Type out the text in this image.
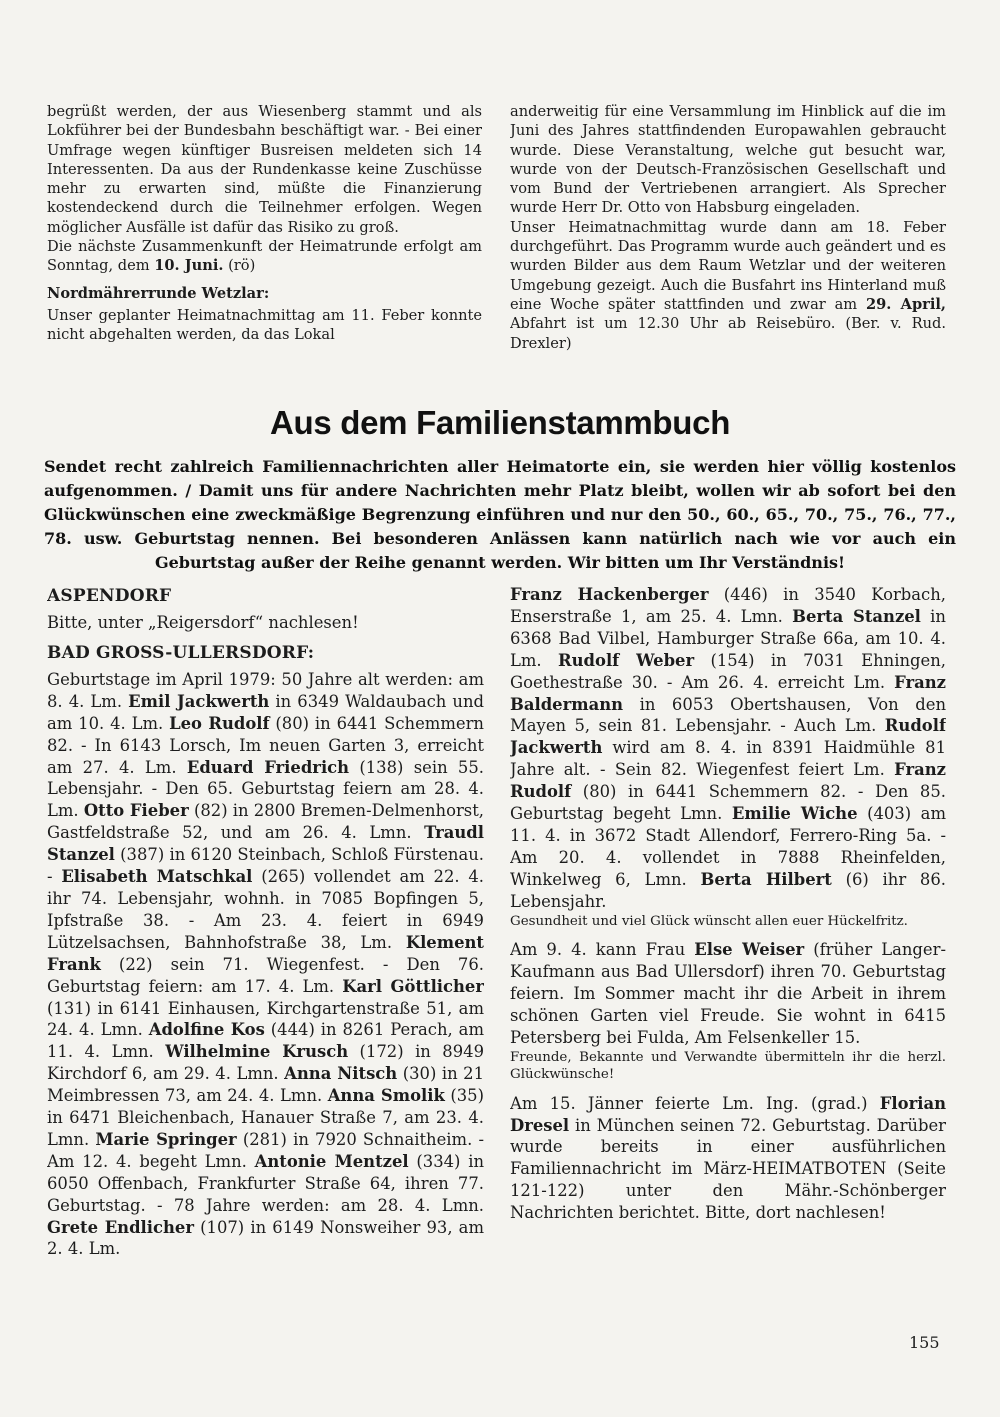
begrüßt werden, der aus Wiesenberg stammt und als Lokführer bei der Bundesbahn beschäftigt war. - Bei einer Umfrage wegen künftiger Busreisen meldeten sich 14 Interessenten. Da aus der Rundenkasse keine Zuschüsse mehr zu erwarten sind, müßte die Finanzierung kostendeckend durch die Teilnehmer erfolgen. Wegen möglicher Ausfälle ist dafür das Risiko zu groß.

Die nächste Zusammenkunft der Heimatrunde erfolgt am Sonntag, dem 10. Juni. (rö)

Nordmährerrunde Wetzlar:

Unser geplanter Heimatnachmittag am 11. Feber konnte nicht abgehalten werden, da das Lokal

anderweitig für eine Versammlung im Hinblick auf die im Juni des Jahres stattfindenden Europawahlen gebraucht wurde. Diese Veranstaltung, welche gut besucht war, wurde von der Deutsch-Französischen Gesellschaft und vom Bund der Vertriebenen arrangiert. Als Sprecher wurde Herr Dr. Otto von Habsburg eingeladen.

Unser Heimatnachmittag wurde dann am 18. Feber durchgeführt. Das Programm wurde auch geändert und es wurden Bilder aus dem Raum Wetzlar und der weiteren Umgebung gezeigt. Auch die Busfahrt ins Hinterland muß eine Woche später stattfinden und zwar am 29. April, Abfahrt ist um 12.30 Uhr ab Reisebüro. (Ber. v. Rud. Drexler)

Aus dem Familienstammbuch
Sendet recht zahlreich Familiennachrichten aller Heimatorte ein, sie werden hier völlig kostenlos aufgenommen. / Damit uns für andere Nachrichten mehr Platz bleibt, wollen wir ab sofort bei den Glückwünschen eine zweckmäßige Begrenzung einführen und nur den 50., 60., 65., 70., 75., 76., 77., 78. usw. Geburtstag nennen. Bei besonderen Anlässen kann natürlich nach wie vor auch ein Geburtstag außer der Reihe genannt werden. Wir bitten um Ihr Verständnis!
ASPENDORF

Bitte, unter „Reigersdorf“ nachlesen!

BAD GROSS-ULLERSDORF:

Geburtstage im April 1979: 50 Jahre alt werden: am 8. 4. Lm. Emil Jackwerth in 6349 Waldaubach und am 10. 4. Lm. Leo Rudolf (80) in 6441 Schemmern 82. - In 6143 Lorsch, Im neuen Garten 3, erreicht am 27. 4. Lm. Eduard Friedrich (138) sein 55. Lebensjahr. - Den 65. Geburtstag feiern am 28. 4. Lm. Otto Fieber (82) in 2800 Bremen-Delmenhorst, Gastfeldstraße 52, und am 26. 4. Lmn. Traudl Stanzel (387) in 6120 Steinbach, Schloß Fürstenau. - Elisabeth Matschkal (265) vollendet am 22. 4. ihr 74. Lebensjahr, wohnh. in 7085 Bopfingen 5, Ipfstraße 38. - Am 23. 4. feiert in 6949 Lützelsachsen, Bahnhofstraße 38, Lm. Klement Frank (22) sein 71. Wiegenfest. - Den 76. Geburtstag feiern: am 17. 4. Lm. Karl Göttlicher (131) in 6141 Einhausen, Kirchgartenstraße 51, am 24. 4. Lmn. Adolfine Kos (444) in 8261 Perach, am 11. 4. Lmn. Wilhelmine Krusch (172) in 8949 Kirchdorf 6, am 29. 4. Lmn. Anna Nitsch (30) in 21 Meimbressen 73, am 24. 4. Lmn. Anna Smolik (35) in 6471 Bleichenbach, Hanauer Straße 7, am 23. 4. Lmn. Marie Springer (281) in 7920 Schnaitheim. - Am 12. 4. begeht Lmn. Antonie Mentzel (334) in 6050 Offenbach, Frankfurter Straße 64, ihren 77. Geburtstag. - 78 Jahre werden: am 28. 4. Lmn. Grete Endlicher (107) in 6149 Nonsweiher 93, am 2. 4. Lm.

Franz Hackenberger (446) in 3540 Korbach, Enserstraße 1, am 25. 4. Lmn. Berta Stanzel in 6368 Bad Vilbel, Hamburger Straße 66a, am 10. 4. Lm. Rudolf Weber (154) in 7031 Ehningen, Goethestraße 30. - Am 26. 4. erreicht Lm. Franz Baldermann in 6053 Obertshausen, Von den Mayen 5, sein 81. Lebensjahr. - Auch Lm. Rudolf Jackwerth wird am 8. 4. in 8391 Haidmühle 81 Jahre alt. - Sein 82. Wiegenfest feiert Lm. Franz Rudolf (80) in 6441 Schemmern 82. - Den 85. Geburtstag begeht Lmn. Emilie Wiche (403) am 11. 4. in 3672 Stadt Allendorf, Ferrero-Ring 5a. - Am 20. 4. vollendet in 7888 Rheinfelden, Winkelweg 6, Lmn. Berta Hilbert (6) ihr 86. Lebensjahr.

Gesundheit und viel Glück wünscht allen euer Hückelfritz.

Am 9. 4. kann Frau Else Weiser (früher Langer-Kaufmann aus Bad Ullersdorf) ihren 70. Geburtstag feiern. Im Sommer macht ihr die Arbeit in ihrem schönen Garten viel Freude. Sie wohnt in 6415 Petersberg bei Fulda, Am Felsenkeller 15.

Freunde, Bekannte und Verwandte übermitteln ihr die herzl. Glückwünsche!

Am 15. Jänner feierte Lm. Ing. (grad.) Florian Dresel in München seinen 72. Geburtstag. Darüber wurde bereits in einer ausführlichen Familiennachricht im März-HEIMATBOTEN (Seite 121-122) unter den Mähr.-Schönberger Nachrichten berichtet. Bitte, dort nachlesen!

155
